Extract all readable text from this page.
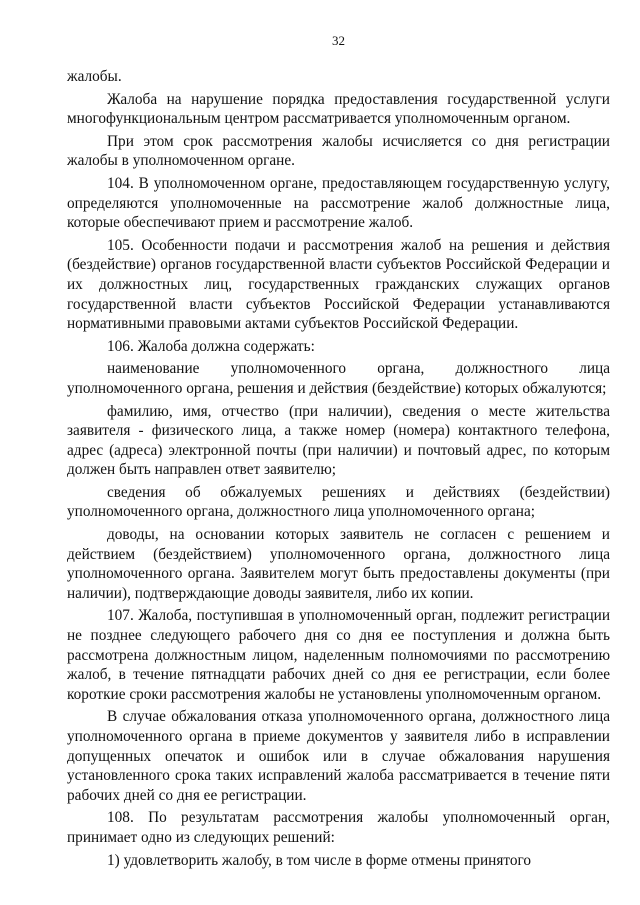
32

жалобы.

Жалоба на нарушение порядка предоставления государственной услуги многофункциональным центром рассматривается уполномоченным органом.

При этом срок рассмотрения жалобы исчисляется со дня регистрации жалобы в уполномоченном органе.

104. В уполномоченном органе, предоставляющем государственную услугу, определяются уполномоченные на рассмотрение жалоб должностные лица, которые обеспечивают прием и рассмотрение жалоб.

105. Особенности подачи и рассмотрения жалоб на решения и действия (бездействие) органов государственной власти субъектов Российской Федерации и их должностных лиц, государственных гражданских служащих органов государственной власти субъектов Российской Федерации устанавливаются нормативными правовыми актами субъектов Российской Федерации.

106. Жалоба должна содержать:

наименование уполномоченного органа, должностного лица уполномоченного органа, решения и действия (бездействие) которых обжалуются;

фамилию, имя, отчество (при наличии), сведения о месте жительства заявителя - физического лица, а также номер (номера) контактного телефона, адрес (адреса) электронной почты (при наличии) и почтовый адрес, по которым должен быть направлен ответ заявителю;

сведения об обжалуемых решениях и действиях (бездействии) уполномоченного органа, должностного лица уполномоченного органа;

доводы, на основании которых заявитель не согласен с решением и действием (бездействием) уполномоченного органа, должностного лица уполномоченного органа. Заявителем могут быть предоставлены документы (при наличии), подтверждающие доводы заявителя, либо их копии.

107. Жалоба, поступившая в уполномоченный орган, подлежит регистрации не позднее следующего рабочего дня со дня ее поступления и должна быть рассмотрена должностным лицом, наделенным полномочиями по рассмотрению жалоб, в течение пятнадцати рабочих дней со дня ее регистрации, если более короткие сроки рассмотрения жалобы не установлены уполномоченным органом.

В случае обжалования отказа уполномоченного органа, должностного лица уполномоченного органа в приеме документов у заявителя либо в исправлении допущенных опечаток и ошибок или в случае обжалования нарушения установленного срока таких исправлений жалоба рассматривается в течение пяти рабочих дней со дня ее регистрации.

108. По результатам рассмотрения жалобы уполномоченный орган, принимает одно из следующих решений:

1) удовлетворить жалобу, в том числе в форме отмены принятого
